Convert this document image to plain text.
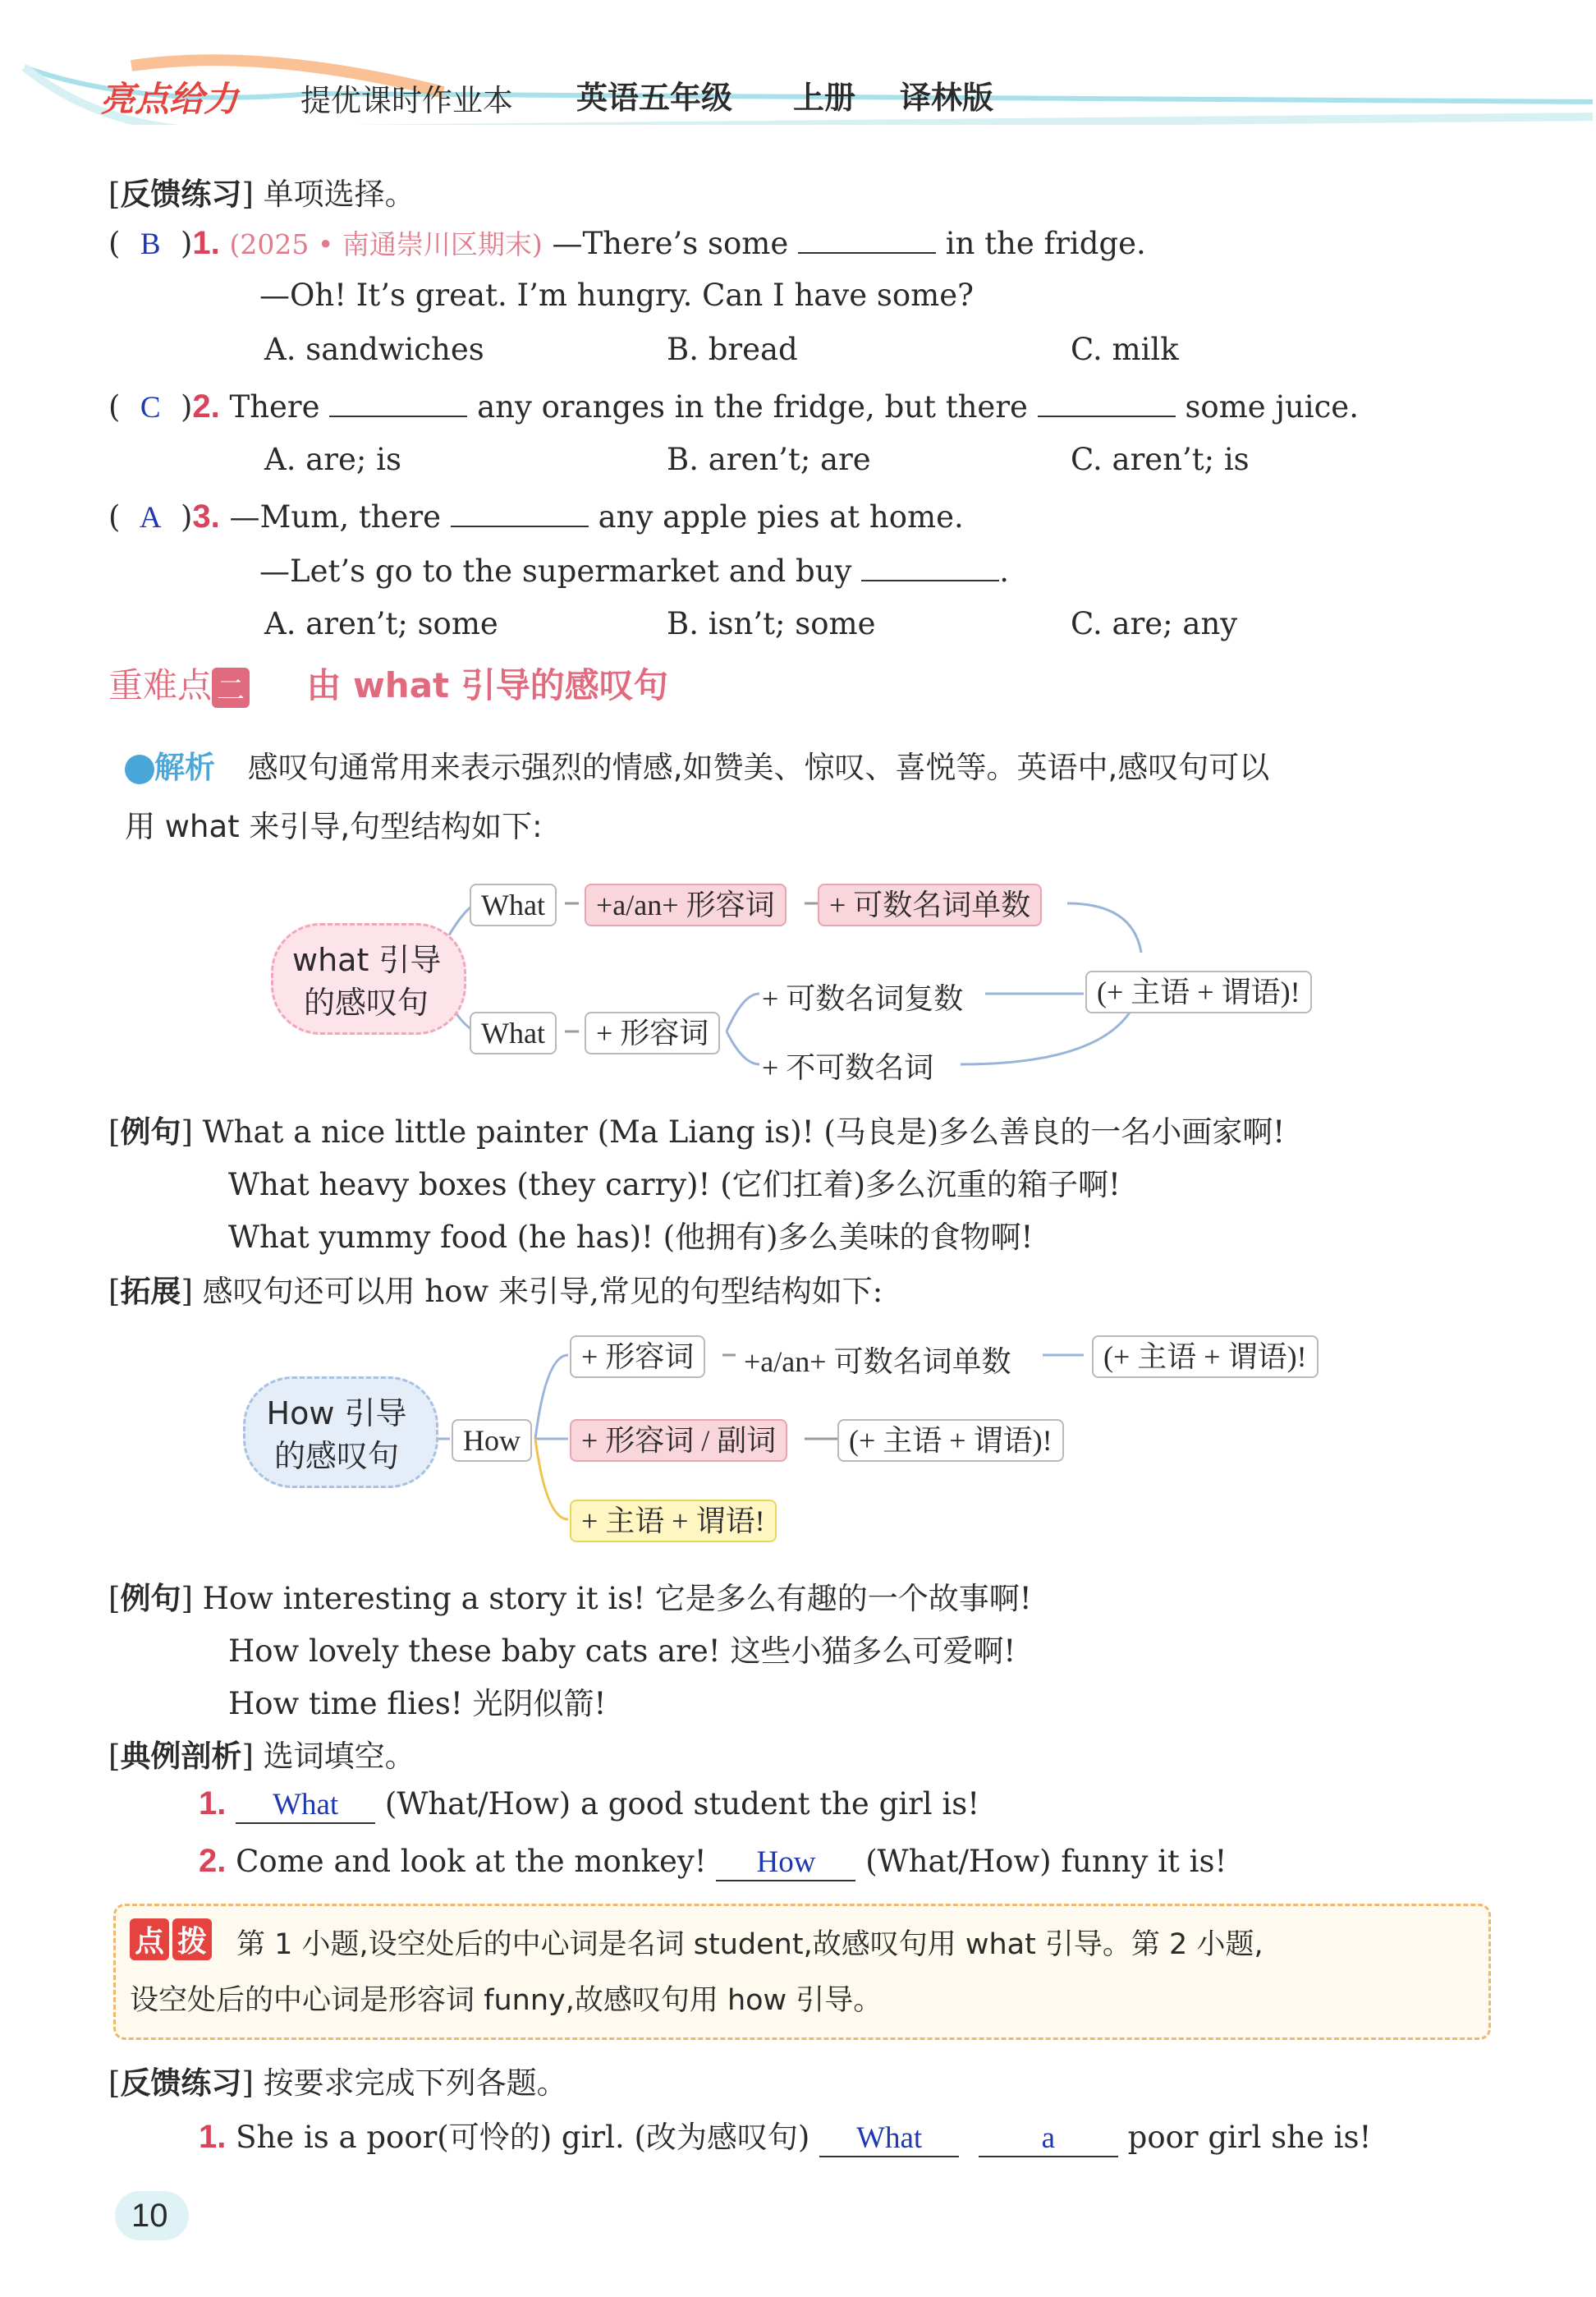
亮点给力 提优课时作业本 英语五年级 上册 译林版
[反馈练习] 单项选择。
( B )1. (2025 • 南通崇川区期末) —There’s some	in the fridge.
—Oh! It’s great. I’m hungry. Can I have some?
A. sandwiches	B. bread	C. milk
( C )2. There	any oranges in the fridge, but there	some juice.
A. are; is	B. aren’t; are	C. aren’t; is
( A )3. —Mum, there	any apple pies at home.
—Let’s go to the supermarket and buy	.
A. aren’t; some	B. isn’t; some	C. are; any
重难点 二 由 what 引导的感叹句
解析 感叹句通常用来表示强烈的情感,如赞美、惊叹、喜悦等。英语中,感叹句可以
用 what 来引导,句型结构如下:
what 引导
的感叹句
What	+a/an+ 形容词	+ 可数名词单数
What	+ 形容词
+ 可数名词复数
+ 不可数名词
(+ 主语 + 谓语)!
[例句] What a nice little painter (Ma Liang is)! (马良是)多么善良的一名小画家啊!
What heavy boxes (they carry)! (它们扛着)多么沉重的箱子啊!
What yummy food (he has)! (他拥有)多么美味的食物啊!
[拓展] 感叹句还可以用 how 来引导,常见的句型结构如下:
How 引导
的感叹句	How
+ 形容词	+a/an+ 可数名词单数	(+ 主语 + 谓语)!
+ 形容词 / 副词	(+ 主语 + 谓语)!
+ 主语 + 谓语!
[例句] How interesting a story it is! 它是多么有趣的一个故事啊!
How lovely these baby cats are! 这些小猫多么可爱啊!
How time flies! 光阴似箭!
[典例剖析] 选词填空。
1. What (What/How) a good student the girl is!
2. Come and look at the monkey! How (What/How) funny it is!
点 拨 第 1 小题,设空处后的中心词是名词 student,故感叹句用 what 引导。第 2 小题,
设空处后的中心词是形容词 funny,故感叹句用 how 引导。
[反馈练习] 按要求完成下列各题。
1. She is a poor(可怜的) girl. (改为感叹句) What	a poor girl she is!
10
